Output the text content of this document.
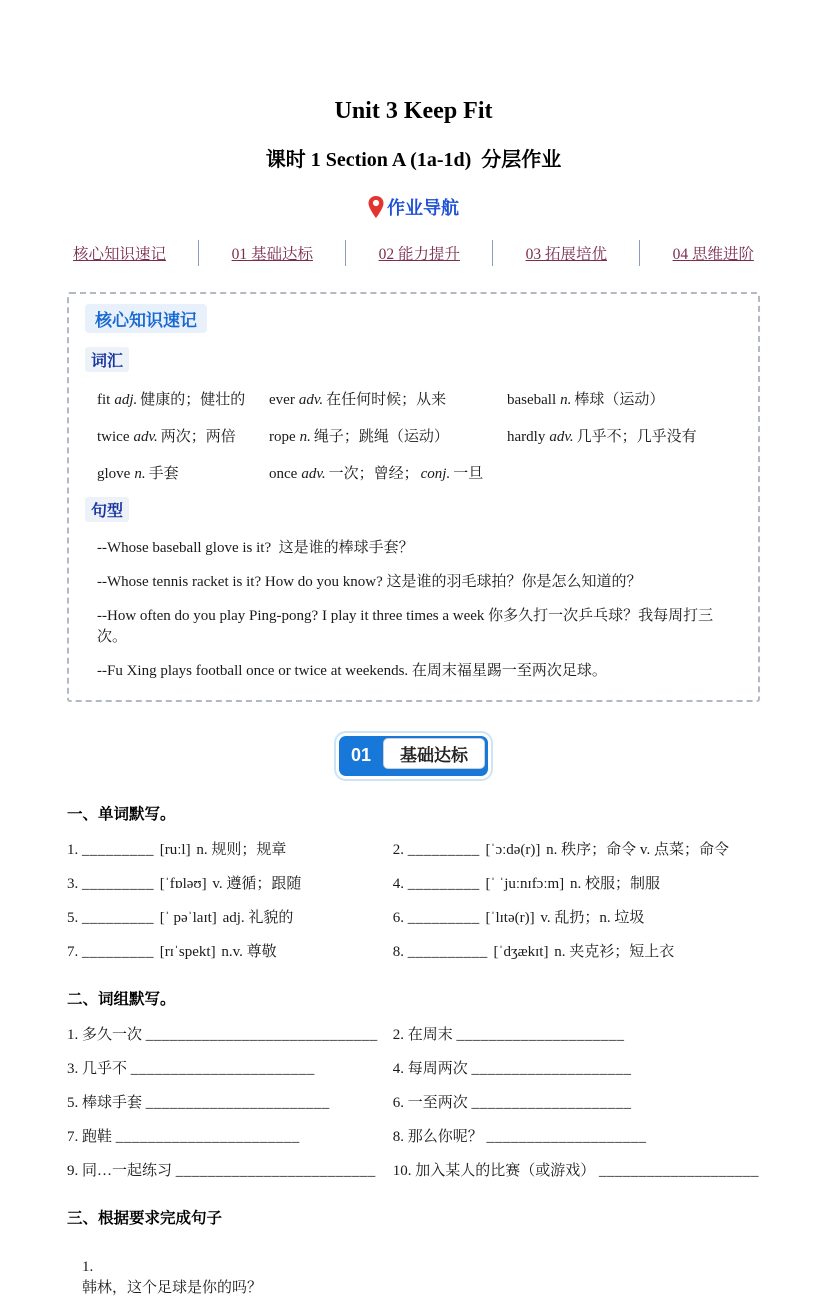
Unit 3 Keep Fit
课时 1 Section A (1a-1d)  分层作业
作业导航
核心知识速记	01 基础达标	02 能力提升	03 拓展培优	04 思维进阶
核心知识速记
词汇
fit adj. 健康的；健壮的	ever adv. 在任何时候；从来	baseball n. 棒球（运动）
twice adv. 两次；两倍	rope n. 绳子；跳绳（运动）	hardly adv. 几乎不；几乎没有
glove n. 手套	once adv. 一次；曾经； conj. 一旦
句型

--Whose baseball glove is it?  这是谁的棒球手套？

--Whose tennis racket is it? How do you know? 这是谁的羽毛球拍？你是怎么知道的？

--How often do you play Ping-pong? I play it three times a week 你多久打一次乒乓球？我每周打三次。

--Fu Xing plays football once or twice at weekends. 在周末福星踢一至两次足球。

01	基础达标
一、单词默写。
1. _________ [ruːl] n. 规则；规章	2. _________ [ˈɔːdə(r)] n. 秩序；命令 v. 点菜；命令
3. _________ [ˈfɒləʊ] v. 遵循；跟随	4. _________ [ˈ ˈjuːnɪfɔːm] n. 校服；制服
5. _________ [ˈ pəˈlaɪt] adj. 礼貌的	6. _________ [ˈlɪtə(r)] v. 乱扔；n. 垃圾
7. _________ [rɪˈspekt] n.v. 尊敬	8. __________ [ˈdʒækɪt] n. 夹克衫；短上衣
二、词组默写。
1. 多久一次 _____________________________ 2. 在周末 _____________________
3. 几乎不 _______________________	4. 每周两次 ____________________
5. 棒球手套 _______________________	6. 一至两次 ____________________
7. 跑鞋 _______________________	8. 那么你呢？ ____________________
9. 同…一起练习 _________________________	10. 加入某人的比赛（或游戏） ____________________
三、根据要求完成句子

1.
韩林，这个足球是你的吗？
